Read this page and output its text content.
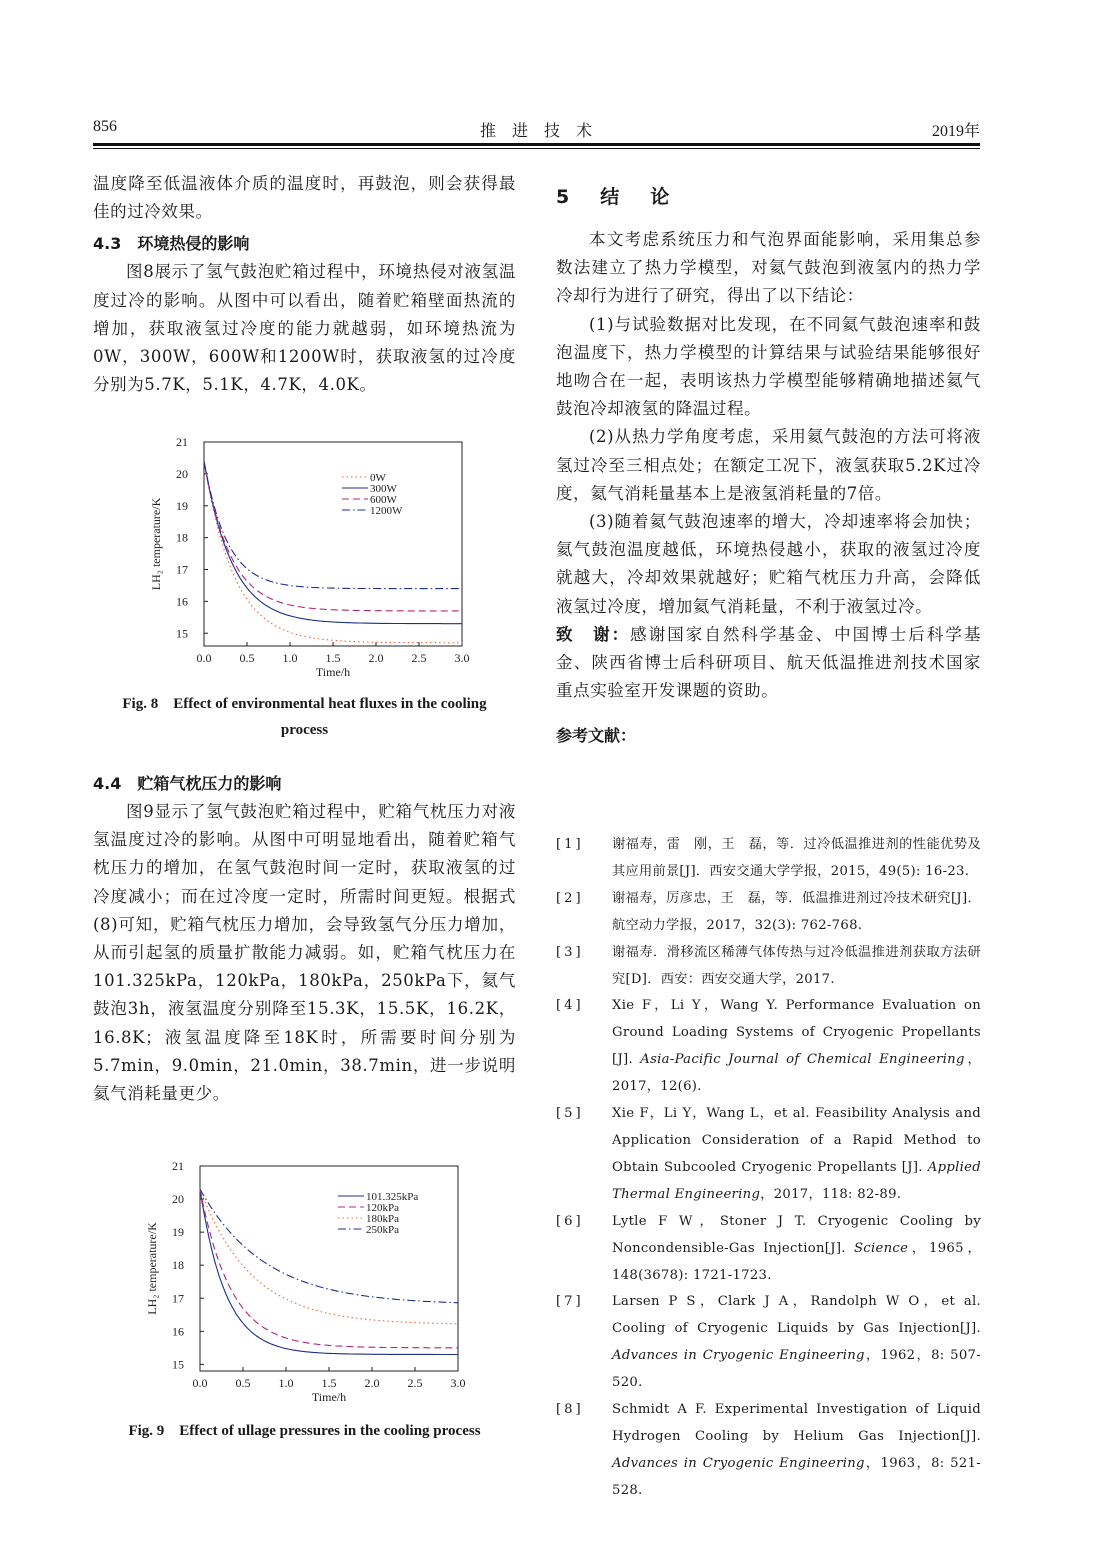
856	推 进 技 术	2019年

温度降至低温液体介质的温度时，再鼓泡，则会获得最佳的过冷效果。

4.3　环境热侵的影响

图8展示了氢气鼓泡贮箱过程中，环境热侵对液氢温度过冷的影响。从图中可以看出，随着贮箱壁面热流的增加，获取液氢过冷度的能力就越弱，如环境热流为0W，300W，600W和1200W时，获取液氢的过冷度分别为5.7K，5.1K，4.7K，4.0K。

0.0 0.5 1.0 1.5 2.0 2.5 3.0
15
16
17
18
19
20
21
Time/h
LH₂ temperature/K
0W
300W
600W
1200W
Fig. 8　Effect of environmental heat fluxes in the cooling
process

4.4　贮箱气枕压力的影响

图9显示了氢气鼓泡贮箱过程中，贮箱气枕压力对液氢温度过冷的影响。从图中可明显地看出，随着贮箱气枕压力的增加，在氢气鼓泡时间一定时，获取液氢的过冷度减小；而在过冷度一定时，所需时间更短。根据式(8)可知，贮箱气枕压力增加，会导致氢气分压力增加，从而引起氢的质量扩散能力减弱。如，贮箱气枕压力在101.325kPa，120kPa，180kPa，250kPa下，氦气鼓泡3h，液氢温度分别降至15.3K，15.5K，16.2K，16.8K；液氢温度降至18K时，所需要时间分别为5.7min，9.0min，21.0min，38.7min，进一步说明氦气消耗量更少。

0.0 0.5 1.0 1.5 2.0 2.5 3.0
15
16
17
18
19
20
21
Time/h
LH₂ temperature/K
101.325kPa
120kPa
180kPa
250kPa
Fig. 9　Effect of ullage pressures in the cooling process
5　结　论

本文考虑系统压力和气泡界面能影响，采用集总参数法建立了热力学模型，对氦气鼓泡到液氢内的热力学冷却行为进行了研究，得出了以下结论：

(1)与试验数据对比发现，在不同氦气鼓泡速率和鼓泡温度下，热力学模型的计算结果与试验结果能够很好地吻合在一起，表明该热力学模型能够精确地描述氦气鼓泡冷却液氢的降温过程。

(2)从热力学角度考虑，采用氦气鼓泡的方法可将液氢过冷至三相点处；在额定工况下，液氢获取5.2K过冷度，氦气消耗量基本上是液氢消耗量的7倍。

(3)随着氦气鼓泡速率的增大，冷却速率将会加快；氦气鼓泡温度越低，环境热侵越小，获取的液氢过冷度就越大，冷却效果就越好；贮箱气枕压力升高，会降低液氢过冷度，增加氦气消耗量，不利于液氢过冷。

致　谢：感谢国家自然科学基金、中国博士后科学基金、陕西省博士后科研项目、航天低温推进剂技术国家重点实验室开发课题的资助。

参考文献：

[1]	谢福寿，雷　刚，王　磊，等．过冷低温推进剂的性能优势及其应用前景[J]．西安交通大学学报，2015，49(5): 16-23.
[2]	谢福寿，厉彦忠，王　磊，等．低温推进剂过冷技术研究[J]．航空动力学报，2017，32(3): 762-768.
[3]	谢福寿．滑移流区稀薄气体传热与过冷低温推进剂获取方法研究[D]．西安：西安交通大学，2017.
[4]	Xie F，Li Y，Wang Y. Performance Evaluation on Ground Loading Systems of Cryogenic Propellants [J]. Asia-Pacific Journal of Chemical Engineering，2017，12(6).
[5]	Xie F，Li Y，Wang L，et al. Feasibility Analysis and Application Consideration of a Rapid Method to Obtain Subcooled Cryogenic Propellants [J]. Applied Thermal Engineering，2017，118: 82-89.
[6]	Lytle F W，Stoner J T. Cryogenic Cooling by Noncondensible-Gas Injection[J]. Science，1965，148(3678): 1721-1723.
[7]	Larsen P S，Clark J A，Randolph W O，et al. Cooling of Cryogenic Liquids by Gas Injection[J]. Advances in Cryogenic Engineering，1962，8: 507-520.
[8]	Schmidt A F. Experimental Investigation of Liquid Hydrogen Cooling by Helium Gas Injection[J]. Advances in Cryogenic Engineering，1963，8: 521-528.
